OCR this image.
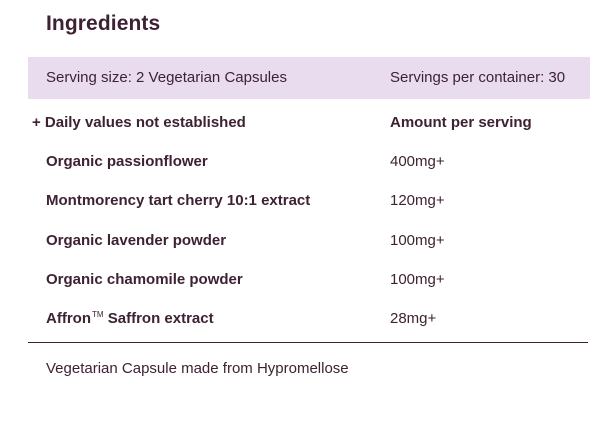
Ingredients
Serving size: 2 Vegetarian Capsules	Servings per container: 30
+ Daily values not established	Amount per serving
Organic passionflower	400mg+
Montmorency tart cherry 10:1 extract	120mg+
Organic lavender powder	100mg+
Organic chamomile powder	100mg+
Affron™ Saffron extract	28mg+
Vegetarian Capsule made from Hypromellose
